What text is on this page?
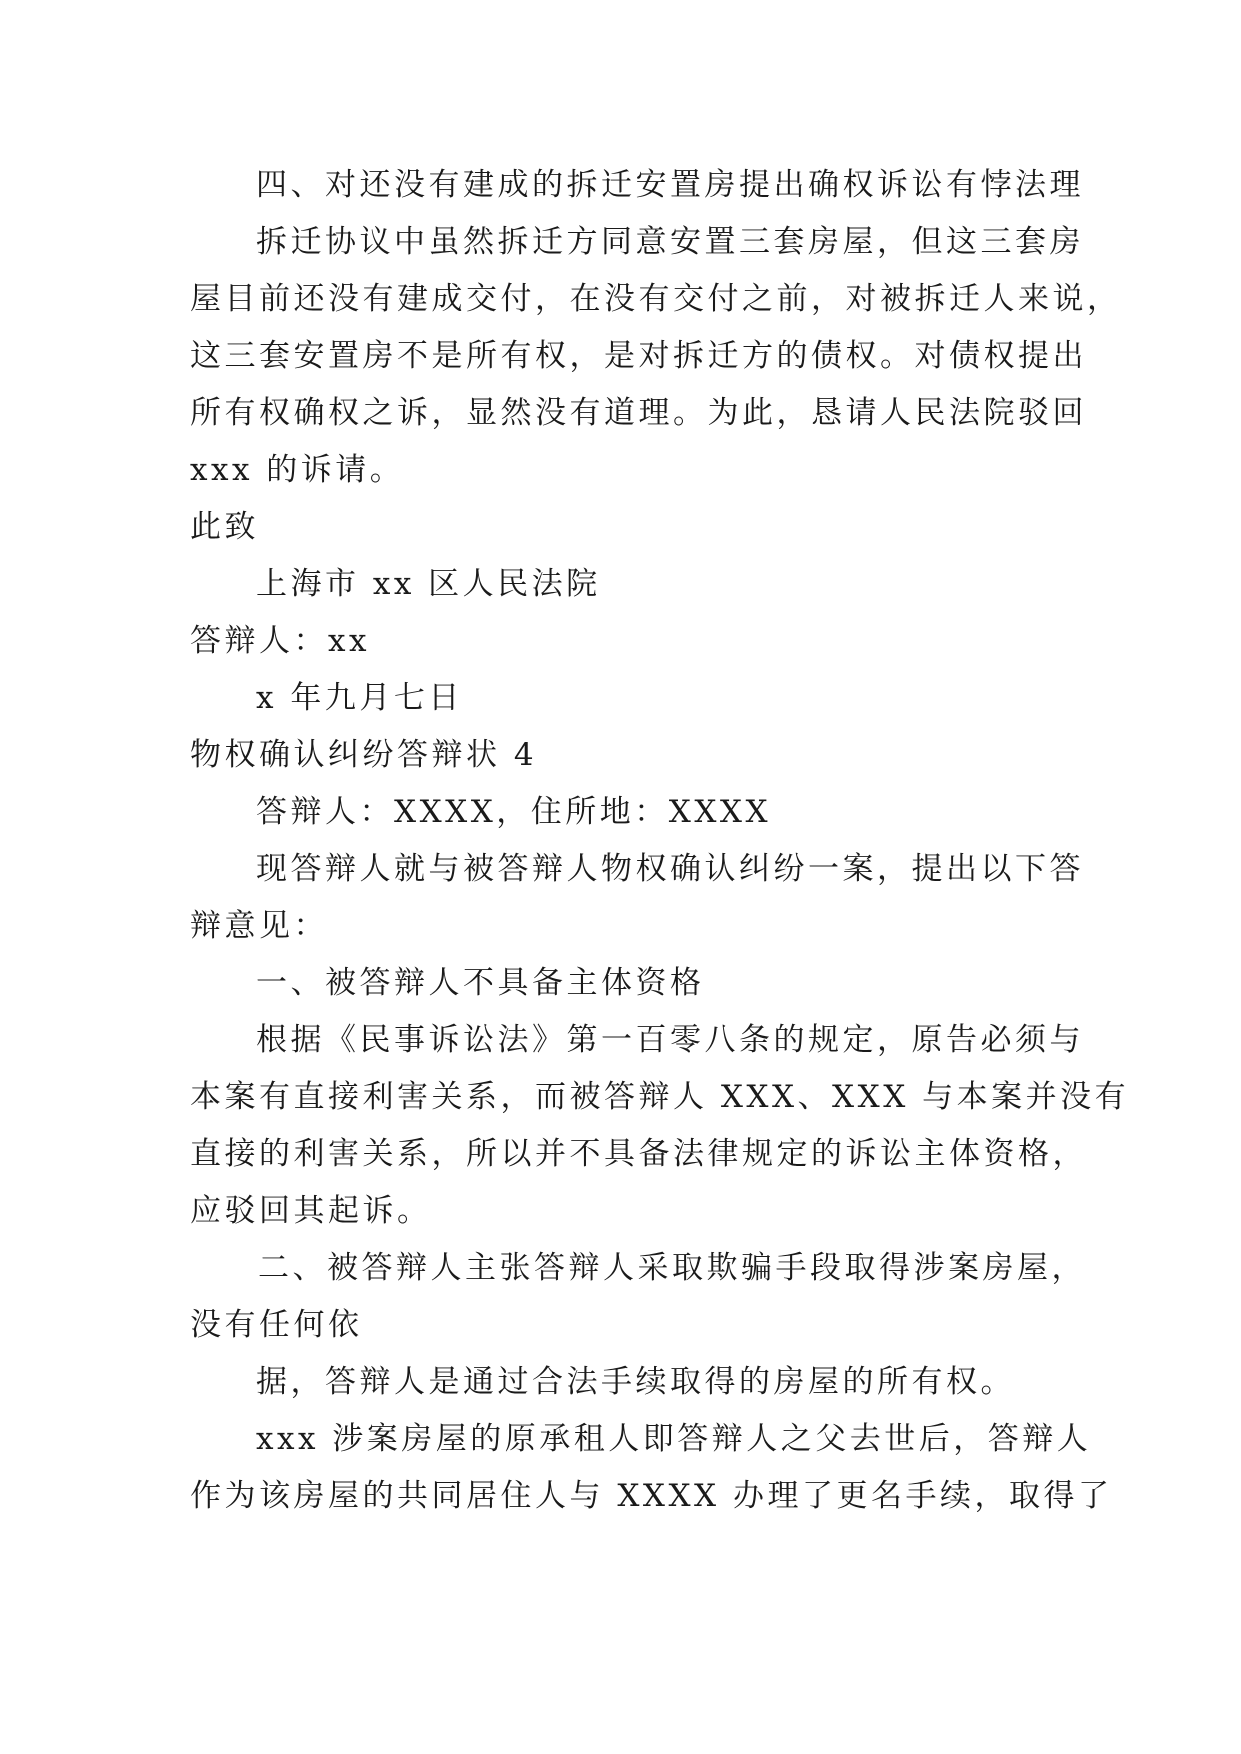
四、对还没有建成的拆迁安置房提出确权诉讼有悖法理
拆迁协议中虽然拆迁方同意安置三套房屋，但这三套房
屋目前还没有建成交付，在没有交付之前，对被拆迁人来说，
这三套安置房不是所有权，是对拆迁方的债权。对债权提出
所有权确权之诉，显然没有道理。为此，恳请人民法院驳回
xxx 的诉请。
此致
上海市 xx 区人民法院
答辩人：xx
x 年九月七日
物权确认纠纷答辩状 4
答辩人：XXXX，住所地：XXXX
现答辩人就与被答辩人物权确认纠纷一案，提出以下答
辩意见：
一、被答辩人不具备主体资格
根据《民事诉讼法》第一百零八条的规定，原告必须与
本案有直接利害关系，而被答辩人 XXX、XXX 与本案并没有
直接的利害关系，所以并不具备法律规定的诉讼主体资格，
应驳回其起诉。
二、被答辩人主张答辩人采取欺骗手段取得涉案房屋，
没有任何依
据，答辩人是通过合法手续取得的房屋的所有权。
xxx 涉案房屋的原承租人即答辩人之父去世后，答辩人
作为该房屋的共同居住人与 XXXX 办理了更名手续，取得了
